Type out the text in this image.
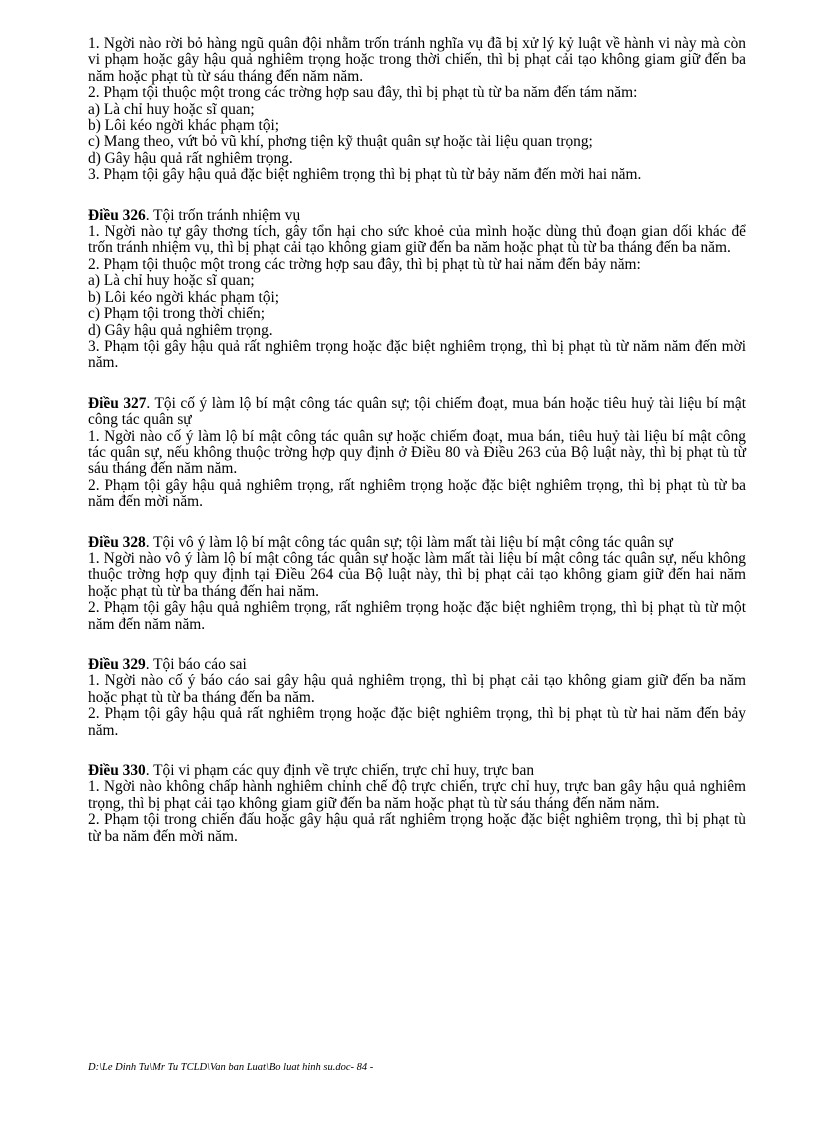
1. Ngời nào rời bỏ hàng ngũ quân đội nhằm trốn tránh nghĩa vụ đã bị xử lý kỷ luật về hành vi này mà còn vi phạm hoặc gây hậu quả nghiêm trọng hoặc trong thời chiến, thì bị phạt cải tạo không giam giữ đến ba năm hoặc phạt tù từ sáu tháng đến năm năm.

2. Phạm tội thuộc một trong các trờng hợp sau đây, thì bị phạt tù từ ba năm đến tám năm:

a) Là chỉ huy hoặc sĩ quan;

b) Lôi kéo ngời khác phạm tội;

c) Mang theo, vứt bỏ vũ khí, phơng tiện kỹ thuật quân sự hoặc tài liệu quan trọng;

d) Gây hậu quả rất nghiêm trọng.

3. Phạm tội gây hậu quả đặc biệt nghiêm trọng thì bị phạt tù từ bảy năm đến mời hai năm.

Điều 326. Tội trốn tránh nhiệm vụ

1. Ngời nào tự gây thơng tích, gây tổn hại cho sức khoẻ của mình hoặc dùng thủ đoạn gian dối khác để trốn tránh nhiệm vụ, thì bị phạt cải tạo không giam giữ đến ba năm hoặc phạt tù từ ba tháng đến ba năm.

2. Phạm tội thuộc một trong các trờng hợp sau đây, thì bị phạt tù từ hai năm đến bảy năm:

a) Là chỉ huy hoặc sĩ quan;

b) Lôi kéo ngời khác phạm tội;

c) Phạm tội trong thời chiến;

d) Gây hậu quả nghiêm trọng.

3. Phạm tội gây hậu quả rất nghiêm trọng hoặc đặc biệt nghiêm trọng, thì bị phạt tù từ năm năm đến mời năm.

Điều 327. Tội cố ý làm lộ bí mật công tác quân sự; tội chiếm đoạt, mua bán hoặc tiêu huỷ tài liệu bí mật công tác quân sự

1. Ngời nào cố ý làm lộ bí mật công tác quân sự hoặc chiếm đoạt, mua bán, tiêu huỷ tài liệu bí mật công tác quân sự, nếu không thuộc trờng hợp quy định ở Điều 80 và Điều 263 của Bộ luật này, thì bị phạt tù từ sáu tháng đến năm năm.

2. Phạm tội gây hậu quả nghiêm trọng, rất nghiêm trọng hoặc đặc biệt nghiêm trọng, thì bị phạt tù từ ba năm đến mời năm.

Điều 328. Tội vô ý làm lộ bí mật công tác quân sự; tội làm mất tài liệu bí mật công tác quân sự

1. Ngời nào vô ý làm lộ bí mật công tác quân sự hoặc làm mất tài liệu bí mật công tác quân sự, nếu không thuộc trờng hợp quy định tại Điều 264 của Bộ luật này, thì bị phạt cải tạo không giam giữ đến hai năm hoặc phạt tù từ ba tháng đến hai năm.

2. Phạm tội gây hậu quả nghiêm trọng, rất nghiêm trọng hoặc đặc biệt nghiêm trọng, thì bị phạt tù từ một năm đến năm năm.

Điều 329. Tội báo cáo sai

1. Ngời nào cố ý báo cáo sai gây hậu quả nghiêm trọng, thì bị phạt cải tạo không giam giữ đến ba năm hoặc phạt tù từ ba tháng đến ba năm.

2. Phạm tội gây hậu quả rất nghiêm trọng hoặc đặc biệt nghiêm trọng, thì bị phạt tù từ hai năm đến bảy năm.

Điều 330. Tội vi phạm các quy định về trực chiến, trực chỉ huy, trực ban

1. Ngời nào không chấp hành nghiêm chỉnh chế độ trực chiến, trực chỉ huy, trực ban gây hậu quả nghiêm trọng, thì bị phạt cải tạo không giam giữ đến ba năm hoặc phạt tù từ sáu tháng đến năm năm.

2. Phạm tội trong chiến đấu hoặc gây hậu quả rất nghiêm trọng hoặc đặc biệt nghiêm trọng, thì bị phạt tù từ ba năm đến mời năm.

D:\Le Dinh Tu\Mr Tu TCLD\Van ban Luat\Bo luat hinh su.doc- 84 -
